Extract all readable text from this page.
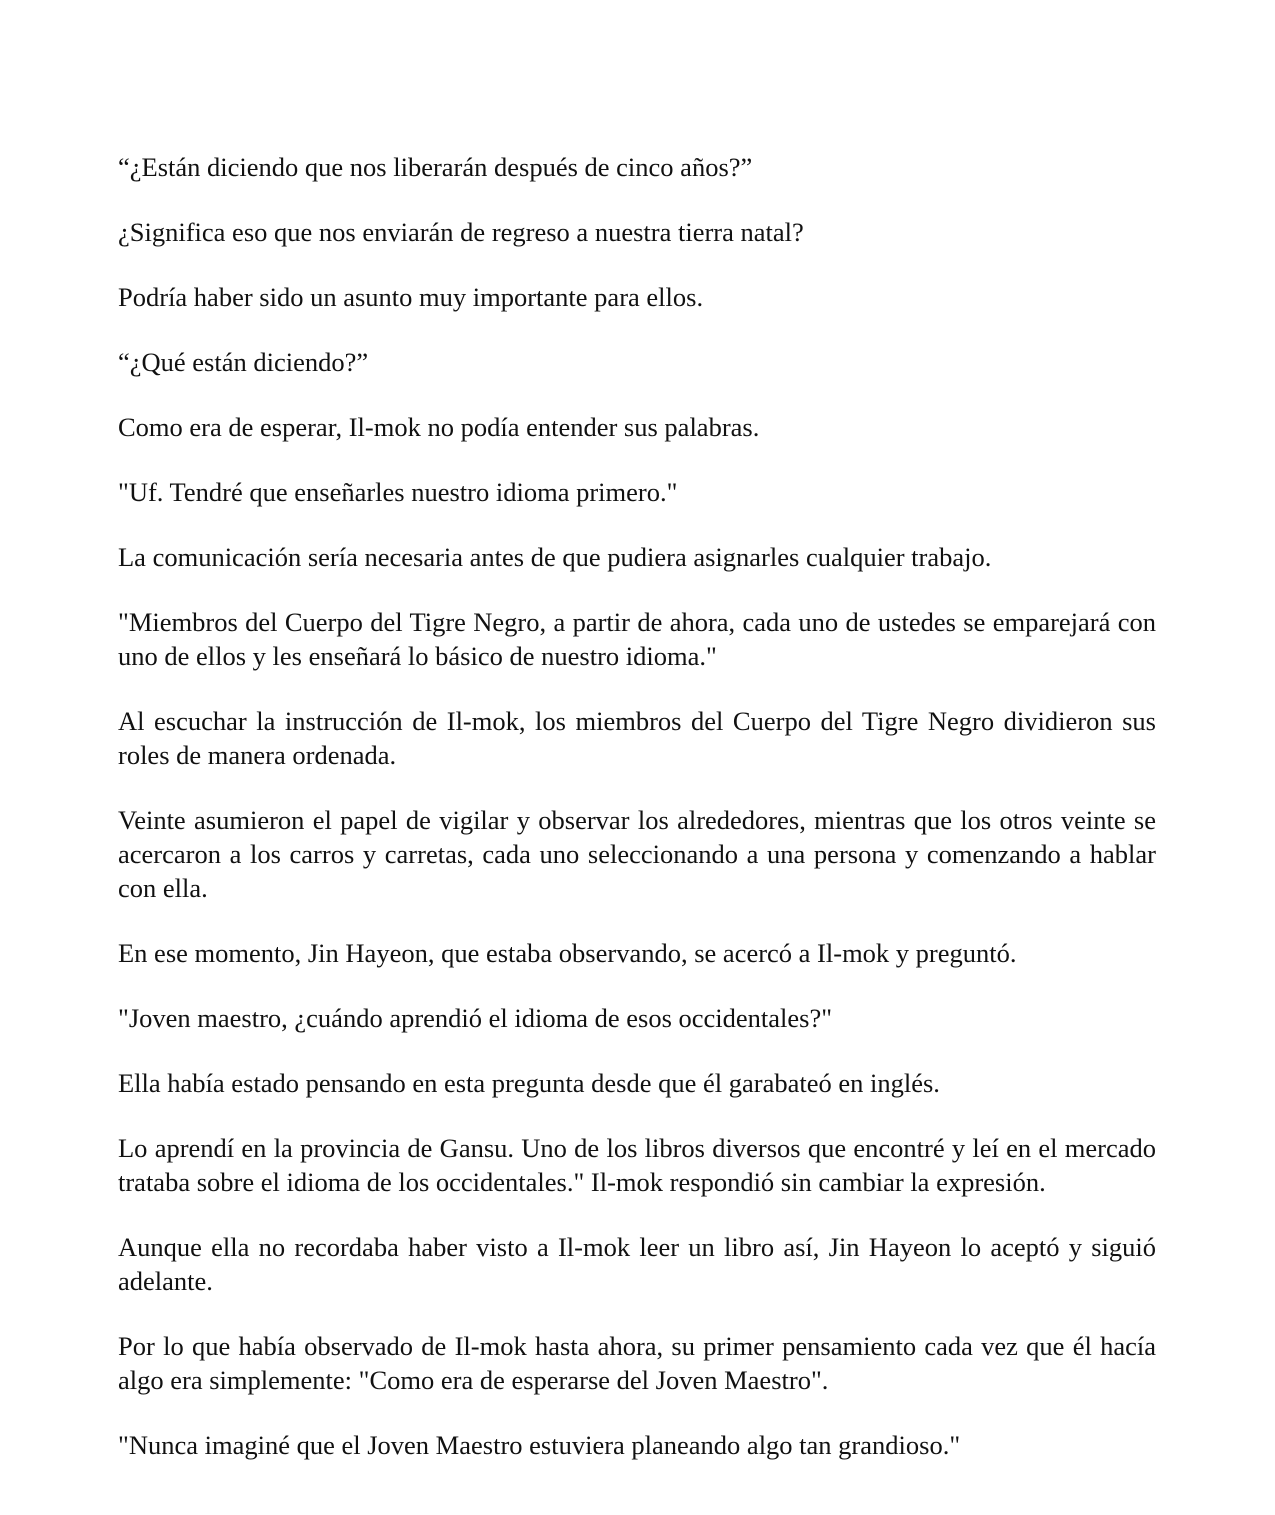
“¿Están diciendo que nos liberarán después de cinco años?”

¿Significa eso que nos enviarán de regreso a nuestra tierra natal?

Podría haber sido un asunto muy importante para ellos.

“¿Qué están diciendo?”

Como era de esperar, Il-mok no podía entender sus palabras.

"Uf. Tendré que enseñarles nuestro idioma primero."

La comunicación sería necesaria antes de que pudiera asignarles cualquier trabajo.

"Miembros del Cuerpo del Tigre Negro, a partir de ahora, cada uno de ustedes se emparejará con uno de ellos y les enseñará lo básico de nuestro idioma."

Al escuchar la instrucción de Il-mok, los miembros del Cuerpo del Tigre Negro dividieron sus roles de manera ordenada.

Veinte asumieron el papel de vigilar y observar los alrededores, mientras que los otros veinte se acercaron a los carros y carretas, cada uno seleccionando a una persona y comenzando a hablar con ella.

En ese momento, Jin Hayeon, que estaba observando, se acercó a Il-mok y preguntó.

"Joven maestro, ¿cuándo aprendió el idioma de esos occidentales?"

Ella había estado pensando en esta pregunta desde que él garabateó en inglés.

Lo aprendí en la provincia de Gansu. Uno de los libros diversos que encontré y leí en el mercado trataba sobre el idioma de los occidentales." Il-mok respondió sin cambiar la expresión.

Aunque ella no recordaba haber visto a Il-mok leer un libro así, Jin Hayeon lo aceptó y siguió adelante.

Por lo que había observado de Il-mok hasta ahora, su primer pensamiento cada vez que él hacía algo era simplemente: "Como era de esperarse del Joven Maestro".

"Nunca imaginé que el Joven Maestro estuviera planeando algo tan grandioso."
